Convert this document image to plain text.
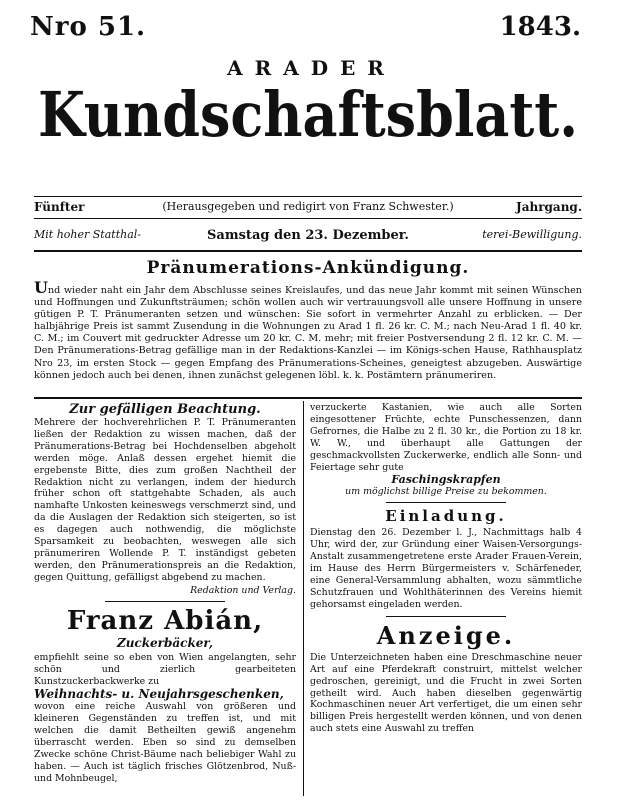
Nro 51.	1843.
ARADER
Kundschaftsblatt.
Fünfter	(Herausgegeben und redigirt von Franz Schwester.)	Jahrgang.
Mit hoher Statthal-	Samstag den 23. Dezember.	terei-Bewilligung.
Pränumerations-Ankündigung.
Und wieder naht ein Jahr dem Abschlusse seines Kreislaufes, und das neue Jahr kommt mit seinen Wünschen und Hoffnungen und Zukunftsträumen; schön wollen auch wir vertrauungsvoll alle unsere Hoffnung in unsere gütigen P. T. Pränumeranten setzen und wünschen: Sie sofort in vermehrter Anzahl zu erblicken. — Der halbjährige Preis ist sammt Zusendung in die Wohnungen zu Arad 1 fl. 26 kr. C. M.; nach Neu-Arad 1 fl. 40 kr. C. M.; im Couvert mit gedruckter Adresse um 20 kr. C. M. mehr; mit freier Postversendung 2 fl. 12 kr. C. M. — Den Pränumerations-Betrag gefällige man in der Redaktions-Kanzlei — im Königs-schen Hause, Rathhausplatz Nro 23, im ersten Stock — gegen Empfang des Pränumerations-Scheines, geneigtest abzugeben. Auswärtige können jedoch auch bei denen, ihnen zunächst gelegenen löbl. k. k. Postämtern pränumeriren.
Zur gefälligen Beachtung.
Mehrere der hochverehrlichen P. T. Pränumeranten ließen der Redaktion zu wissen machen, daß der Pränumerations-Betrag bei Hochdenselben abgeholt werden möge. Anlaß dessen ergehet hiemit die ergebenste Bitte, dies zum großen Nachtheil der Redaktion nicht zu verlangen, indem der hiedurch früher schon oft stattgehabte Schaden, als auch namhafte Unkosten keineswegs verschmerzt sind, und da die Auslagen der Redaktion sich steigerten, so ist es dagegen auch nothwendig, die möglichste Sparsamkeit zu beobachten, weswegen alle sich pränumeriren Wollende P. T. inständigst gebeten werden, den Pränumerationspreis an die Redaktion, gegen Quittung, gefälligst abgebend zu machen.
Redaktion und Verlag.
Franz Abián,
Zuckerbäcker,
empfiehlt seine so eben von Wien angelangten, sehr schön und zierlich gearbeiteten Kunstzuckerbackwerke zu
Weihnachts- u. Neujahrsgeschenken,
wovon eine reiche Auswahl von größeren und kleineren Gegenständen zu treffen ist, und mit welchen die damit Betheilten gewiß angenehm überrascht werden. Eben so sind zu demselben Zwecke schöne Christ-Bäume nach beliebiger Wahl zu haben. — Auch ist täglich frisches Glötzenbrod, Nuß- und Mohnbeugel,
verzuckerte Kastanien, wie auch alle Sorten eingesottener Früchte, echte Punschessenzen, dann Gefrornes, die Halbe zu 2 fl. 30 kr., die Portion zu 18 kr. W. W., und überhaupt alle Gattungen der geschmackvollsten Zuckerwerke, endlich alle Sonn- und Feiertage sehr gute
Faschingskrapfen
um möglichst billige Preise zu bekommen.
Einladung.
Dienstag den 26. Dezember l. J., Nachmittags halb 4 Uhr, wird der, zur Gründung einer Waisen-Versorgungs-Anstalt zusammengetretene erste Arader Frauen-Verein, im Hause des Herrn Bürgermeisters v. Schärfeneder, eine General-Versammlung abhalten, wozu sämmtliche Schutzfrauen und Wohlthäterinnen des Vereins hiemit gehorsamst eingeladen werden.
Anzeige.
Die Unterzeichneten haben eine Dreschmaschine neuer Art auf eine Pferdekraft construirt, mittelst welcher gedroschen, gereinigt, und die Frucht in zwei Sorten getheilt wird. Auch haben dieselben gegenwärtig Kochmaschinen neuer Art verfertiget, die um einen sehr billigen Preis hergestellt werden können, und von denen auch stets eine Auswahl zu treffen
